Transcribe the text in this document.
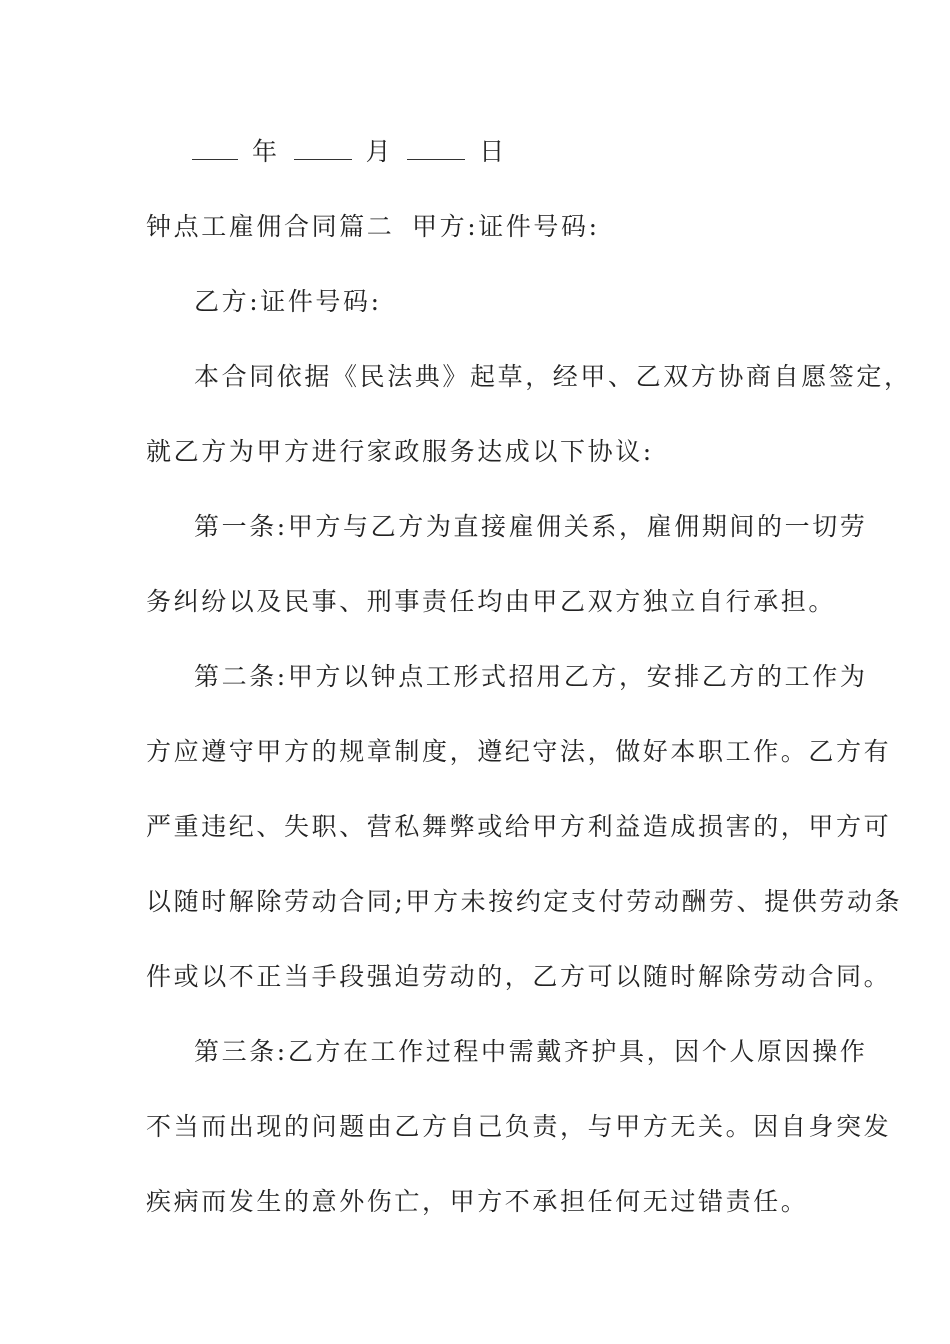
年	月	日
钟点工雇佣合同篇二 甲方:证件号码:
乙方:证件号码:
本合同依据《民法典》起草，经甲、乙双方协商自愿签定，
就乙方为甲方进行家政服务达成以下协议:
第一条:甲方与乙方为直接雇佣关系，雇佣期间的一切劳
务纠纷以及民事、刑事责任均由甲乙双方独立自行承担。
第二条:甲方以钟点工形式招用乙方，安排乙方的工作为
方应遵守甲方的规章制度，遵纪守法，做好本职工作。乙方有
严重违纪、失职、营私舞弊或给甲方利益造成损害的，甲方可
以随时解除劳动合同;甲方未按约定支付劳动酬劳、提供劳动条
件或以不正当手段强迫劳动的，乙方可以随时解除劳动合同。
第三条:乙方在工作过程中需戴齐护具，因个人原因操作
不当而出现的问题由乙方自己负责，与甲方无关。因自身突发
疾病而发生的意外伤亡，甲方不承担任何无过错责任。
